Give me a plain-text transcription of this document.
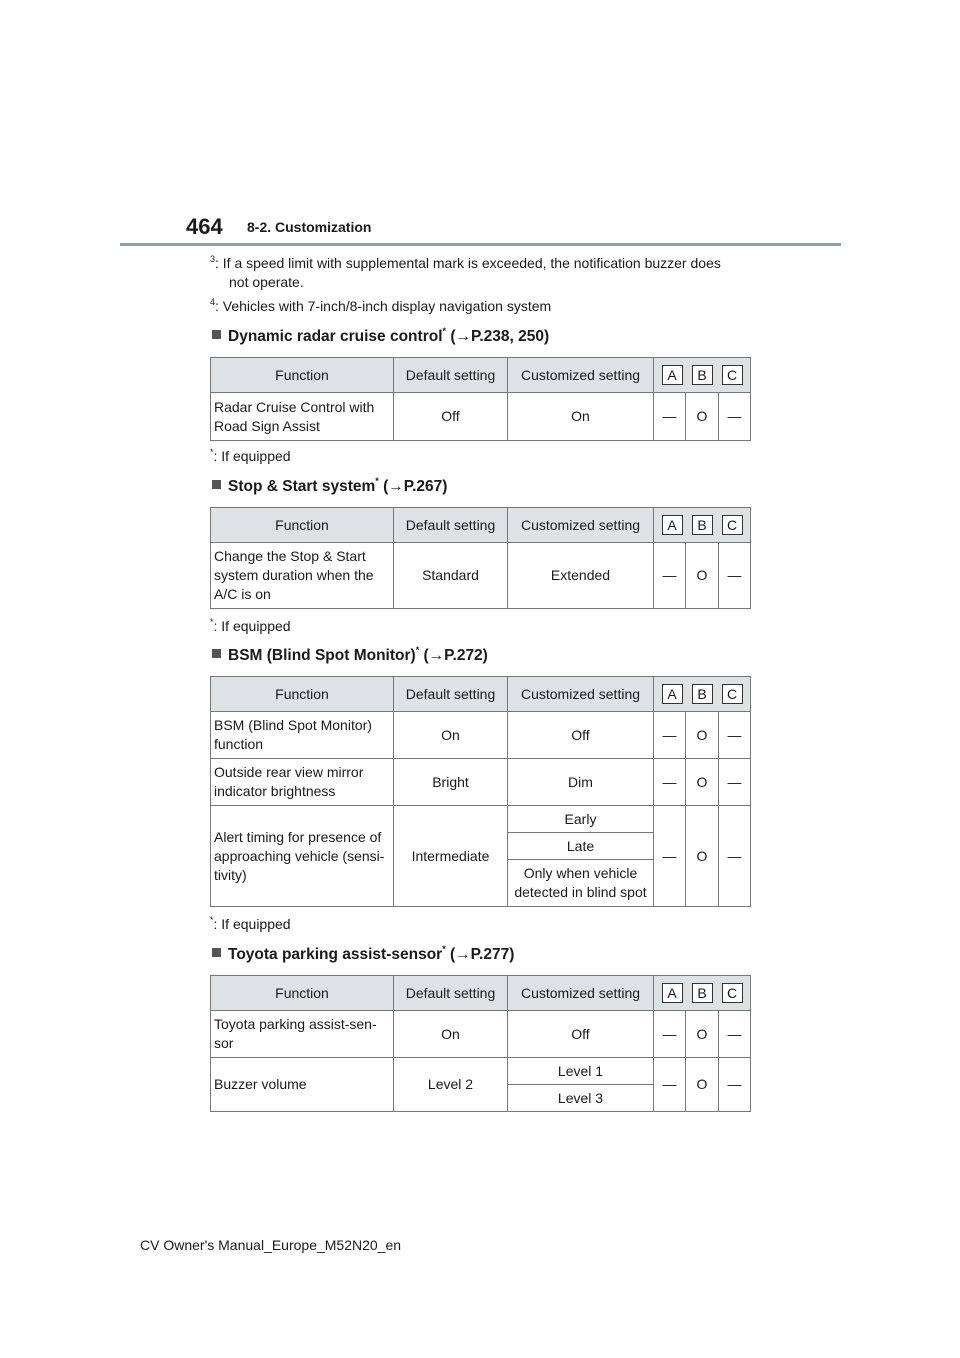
464 8-2. Customization
$^3$: If a speed limit with supplemental mark is exceeded, the notification buzzer does
not operate.
$^4$: Vehicles with 7-inch/8-inch display navigation system
Dynamic radar cruise control* (→P.238, 250)
Function	Default setting	Customized setting	A B C		

Radar Cruise Control with
Road Sign Assist	Off	On	—	O	—
*: If equipped
Stop & Start system* (→P.267)
Function	Default setting	Customized setting	A B C		

Change the Stop & Start
system duration when the
A/C is on	Standard	Extended	—	O	—
*: If equipped
BSM (Blind Spot Monitor)* (→P.272)
Function	Default setting	Customized setting	A B C		

BSM (Blind Spot Monitor)
function	On	Off	—	O	—
Outside rear view mirror
indicator brightness	Bright	Dim	—	O	—
Alert timing for presence of
approaching vehicle (sensi-
tivity)	Intermediate	Early	—	O	—
		Late			
		Only when vehicle
detected in blind spot			
*: If equipped
Toyota parking assist-sensor* (→P.277)
Function	Default setting	Customized setting	A B C		

Toyota parking assist-sen-
sor	On	Off	—	O	—
Buzzer volume	Level 2	Level 1	—	O	—
		Level 3			
CV Owner's Manual_Europe_M52N20_en
